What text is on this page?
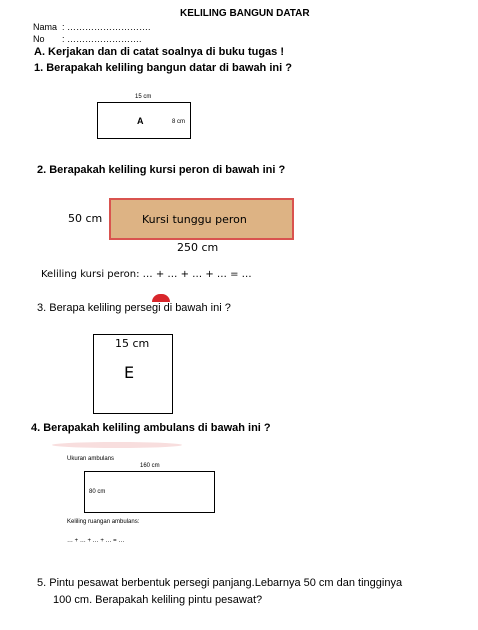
KELILING BANGUN DATAR
Nama : ……………………….
No : …………………….
A. Kerjakan dan di catat soalnya di buku tugas !
1. Berapakah keliling bangun datar di bawah ini ?
15 cm
A	8 cm
2. Berapakah keliling kursi peron di bawah ini ?
50 cm	Kursi tunggu peron
250 cm
Keliling kursi peron: … + … + … + … = …
3. Berapa keliling persegi di bawah ini ?
15 cm
E
4. Berapakah keliling ambulans di bawah ini ?
Ukuran ambulans
160 cm
80 cm
Keliling ruangan ambulans:
… + … + … + … = …
5. Pintu pesawat berbentuk persegi panjang.Lebarnya 50 cm dan tingginya
100 cm. Berapakah keliling pintu pesawat?
